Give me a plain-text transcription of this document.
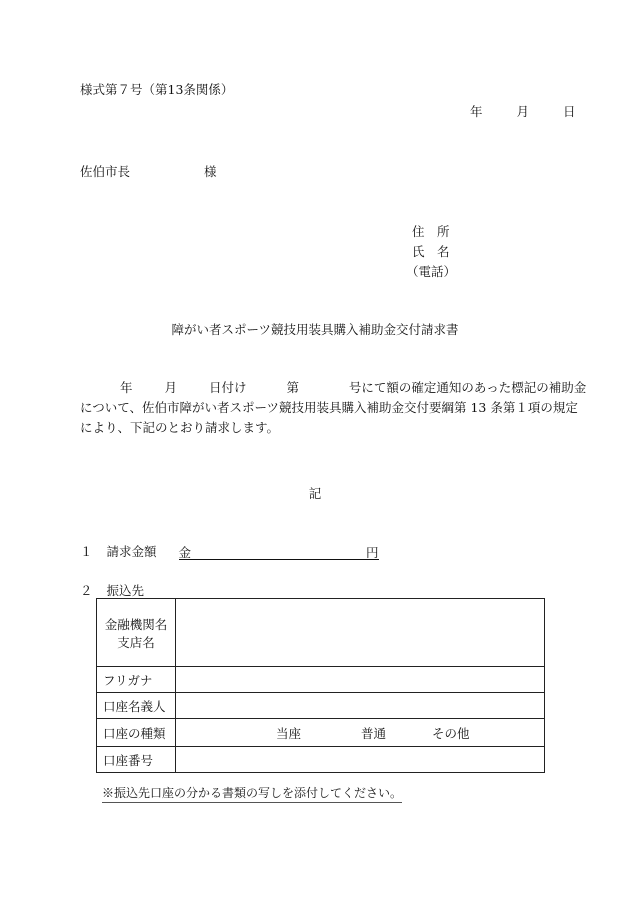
様式第７号（第13条関係）
年	月	日
佐伯市長	様
住　所
氏　名
（電話）
障がい者スポーツ競技用装具購入補助金交付請求書
年	月	日付け	第	号にて額の確定通知のあった標記の補助金
について、佐伯市障がい者スポーツ競技用装具購入補助金交付要綱第 13 条第１項の規定
により、下記のとおり請求します。
記
１ 請求金額 金	円
２ 振込先
金融機関名
支店名	

フリガナ	
口座名義人	
口座の種類	当座 普通 その他
口座番号	
※振込先口座の分かる書類の写しを添付してください。
